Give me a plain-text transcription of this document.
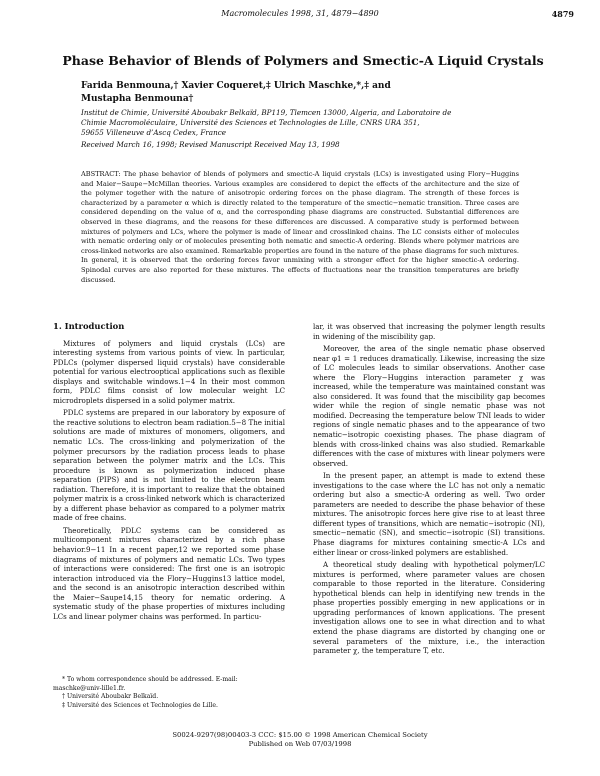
Macromolecules 1998, 31, 4879−4890	4879
Phase Behavior of Blends of Polymers and Smectic-A Liquid Crystals
Farida Benmouna,† Xavier Coqueret,‡ Ulrich Maschke,*,‡ and
Mustapha Benmouna†
Institut de Chimie, Université Aboubakr Belkaïd, BP119, Tlemcen 13000, Algeria, and Laboratoire de
Chimie Macromoléculaire, Université des Sciences et Technologies de Lille, CNRS URA 351,
59655 Villeneuve d’Ascq Cedex, France
Received March 16, 1998; Revised Manuscript Received May 13, 1998
ABSTRACT: The phase behavior of blends of polymers and smectic-A liquid crystals (LCs) is investigated using Flory−Huggins and Maier−Saupe−McMillan theories. Various examples are considered to depict the effects of the architecture and the size of the polymer together with the nature of anisotropic ordering forces on the phase diagram. The strength of these forces is characterized by a parameter α which is directly related to the temperature of the smectic−nematic transition. Three cases are considered depending on the value of α, and the corresponding phase diagrams are constructed. Substantial differences are observed in these diagrams, and the reasons for these differences are discussed. A comparative study is performed between mixtures of polymers and LCs, where the polymer is made of linear and crosslinked chains. The LC consists either of molecules with nematic ordering only or of molecules presenting both nematic and smectic-A ordering. Blends where polymer matrices are cross-linked networks are also examined. Remarkable properties are found in the nature of the phase diagrams for such mixtures. In general, it is observed that the ordering forces favor unmixing with a stronger effect for the higher smectic-A ordering. Spinodal curves are also reported for these mixtures. The effects of fluctuations near the transition temperatures are briefly discussed.
1. Introduction

Mixtures of polymers and liquid crystals (LCs) are interesting systems from various points of view. In particular, PDLCs (polymer dispersed liquid crystals) have considerable potential for various electrooptical applications such as flexible displays and switchable windows.1−4 In their most common form, PDLC films consist of low molecular weight LC microdroplets dispersed in a solid polymer matrix.

PDLC systems are prepared in our laboratory by exposure of the reactive solutions to electron beam radiation.5−8 The initial solutions are made of mixtures of monomers, oligomers, and nematic LCs. The cross-linking and polymerization of the polymer precursors by the radiation process leads to phase separation between the polymer matrix and the LCs. This procedure is known as polymerization induced phase separation (PIPS) and is not limited to the electron beam radiation. Therefore, it is important to realize that the obtained polymer matrix is a cross-linked network which is characterized by a different phase behavior as compared to a polymer matrix made of free chains.

Theoretically, PDLC systems can be considered as multicomponent mixtures characterized by a rich phase behavior.9−11 In a recent paper,12 we reported some phase diagrams of mixtures of polymers and nematic LCs. Two types of interactions were considered: The first one is an isotropic interaction introduced via the Flory−Huggins13 lattice model, and the second is an anisotropic interaction described within the Maier−Saupe14,15 theory for nematic ordering. A systematic study of the phase properties of mixtures including LCs and linear polymer chains was performed. In particu-

lar, it was observed that increasing the polymer length results in widening of the miscibility gap.

Moreover, the area of the single nematic phase observed near φ1 = 1 reduces dramatically. Likewise, increasing the size of LC molecules leads to similar observations. Another case where the Flory−Huggins interaction parameter χ was increased, while the temperature was maintained constant was also considered. It was found that the miscibility gap becomes wider while the region of single nematic phase was not modified. Decreasing the temperature below TNI leads to wider regions of single nematic phases and to the appearance of two nematic−isotropic coexisting phases. The phase diagram of blends with cross-linked chains was also studied. Remarkable differences with the case of mixtures with linear polymers were observed.

In the present paper, an attempt is made to extend these investigations to the case where the LC has not only a nematic ordering but also a smectic-A ordering as well. Two order parameters are needed to describe the phase behavior of these mixtures. The anisotropic forces here give rise to at least three different types of transitions, which are nematic−isotropic (NI), smectic−nematic (SN), and smectic−isotropic (SI) transitions. Phase diagrams for mixtures containing smectic-A LCs and either linear or cross-linked polymers are established.

A theoretical study dealing with hypothetical polymer/LC mixtures is performed, where parameter values are chosen comparable to those reported in the literature. Considering hypothetical blends can help in identifying new trends in the phase properties possibly emerging in new applications or in upgrading performances of known applications. The present investigation allows one to see in what direction and to what extend the phase diagrams are distorted by changing one or several parameters of the mixture, i.e., the interaction parameter χ, the temperature T, etc.

* To whom correspondence should be addressed. E-mail:
maschke@univ-lille1.fr.
† Université Aboubakr Belkaïd.
‡ Université des Sciences et Technologies de Lille.
S0024-9297(98)00403-3 CCC: $15.00 © 1998 American Chemical Society
Published on Web 07/03/1998
